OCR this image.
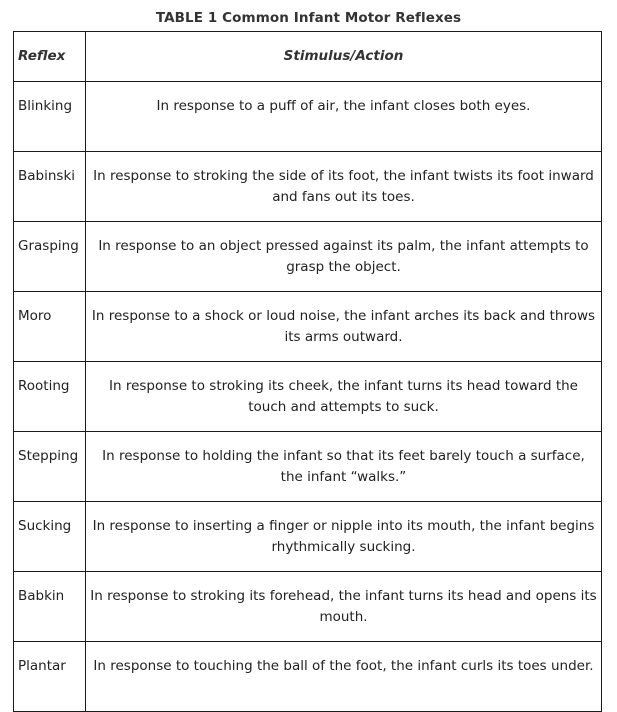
TABLE 1 Common Infant Motor Reflexes
Reflex	Stimulus/Action
Blinking	In response to a puff of air, the infant closes both eyes.
Babinski	In response to stroking the side of its foot, the infant twists its foot inward and fans out its toes.
Grasping	In response to an object pressed against its palm, the infant attempts to grasp the object.
Moro	In response to a shock or loud noise, the infant arches its back and throws its arms outward.
Rooting	In response to stroking its cheek, the infant turns its head toward the touch and attempts to suck.
Stepping	In response to holding the infant so that its feet barely touch a surface, the infant “walks.”
Sucking	In response to inserting a finger or nipple into its mouth, the infant begins rhythmically sucking.
Babkin	In response to stroking its forehead, the infant turns its head and opens its mouth.
Plantar	In response to touching the ball of the foot, the infant curls its toes under.
